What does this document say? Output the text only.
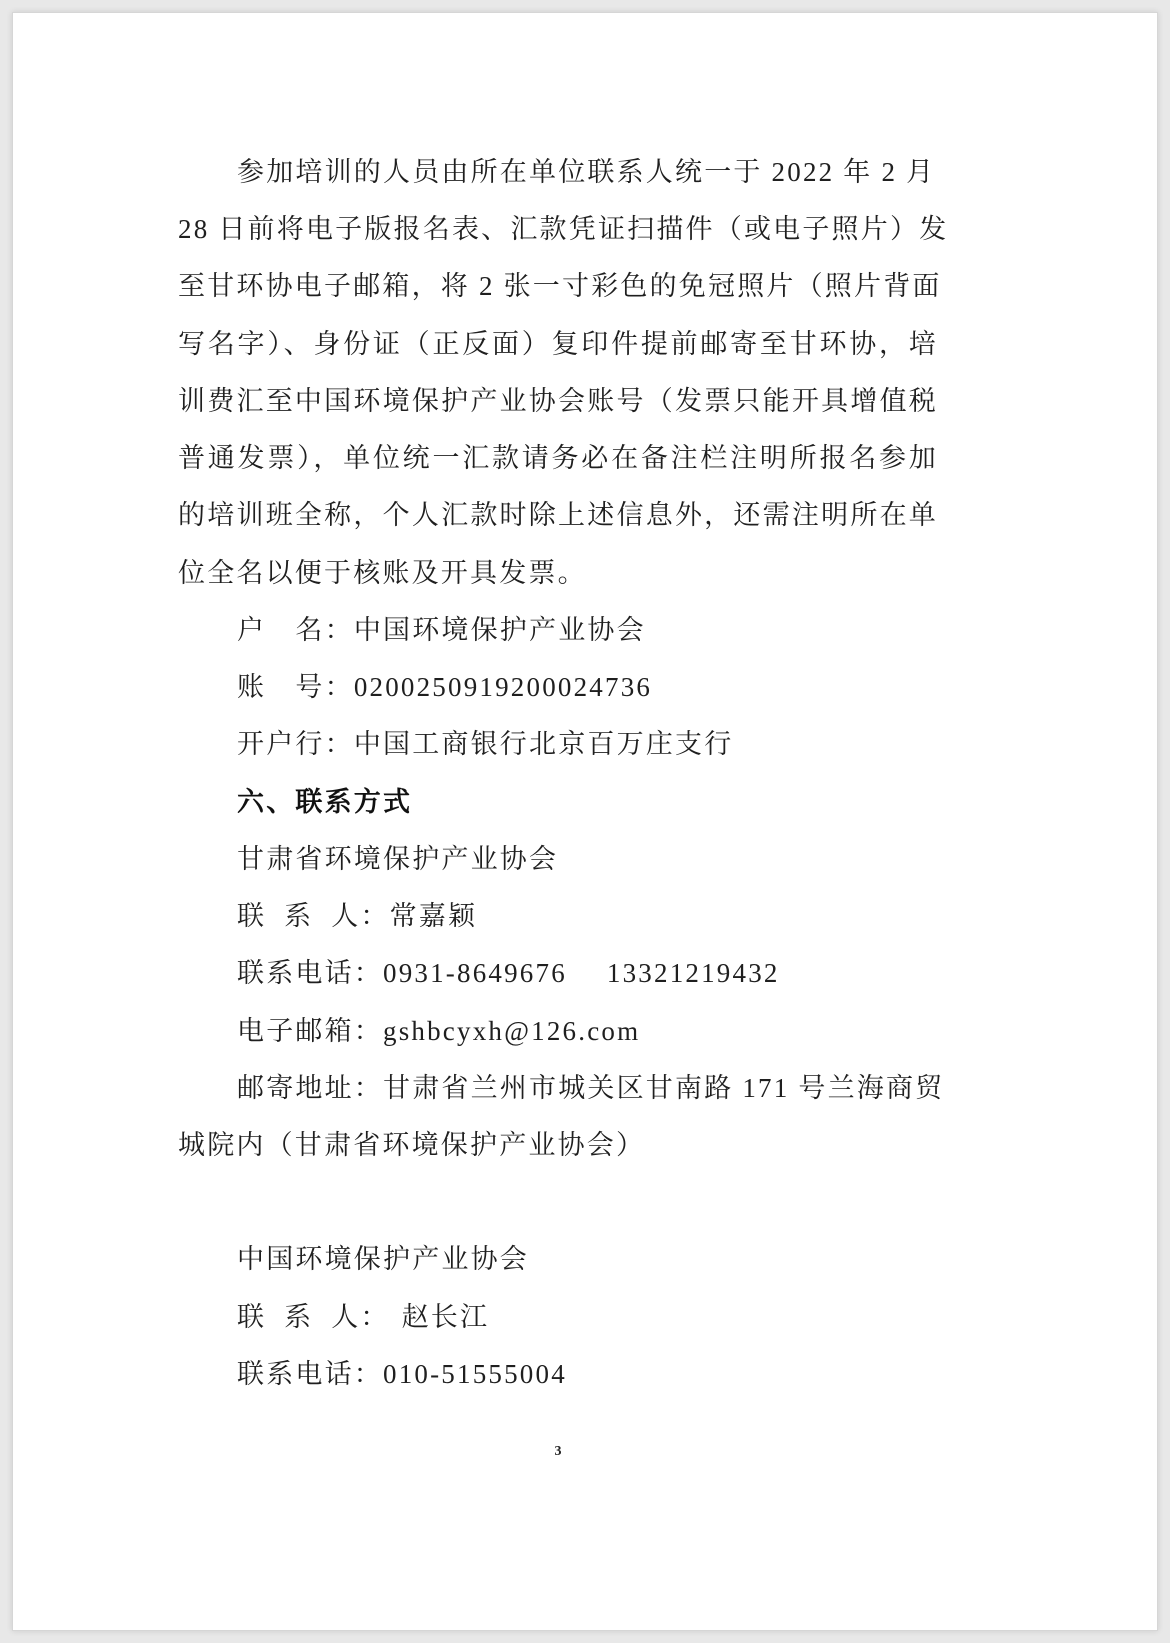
参加培训的人员由所在单位联系人统一于 2022 年 2 月
28 日前将电子版报名表、汇款凭证扫描件（或电子照片）发
至甘环协电子邮箱，将 2 张一寸彩色的免冠照片（照片背面
写名字）、身份证（正反面）复印件提前邮寄至甘环协，培
训费汇至中国环境保护产业协会账号（发票只能开具增值税
普通发票），单位统一汇款请务必在备注栏注明所报名参加
的培训班全称，个人汇款时除上述信息外，还需注明所在单
位全名以便于核账及开具发票。
户　名：中国环境保护产业协会
账　号：0200250919200024736
开户行：中国工商银行北京百万庄支行
六、联系方式
甘肃省环境保护产业协会
联  系  人：常嘉颖
联系电话：0931-8649676 13321219432
电子邮箱：gshbcyxh@126.com
邮寄地址：甘肃省兰州市城关区甘南路 171 号兰海商贸
城院内（甘肃省环境保护产业协会）
中国环境保护产业协会
联  系  人： 赵长江
联系电话：010-51555004
3
